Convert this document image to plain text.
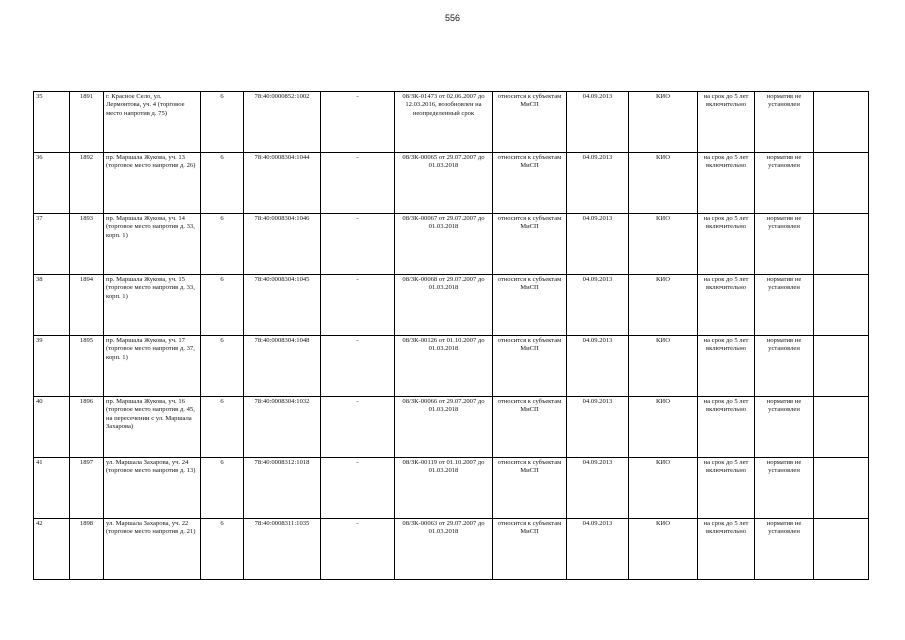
556
35	1891	г. Красное Село, ул. Лермонтова, уч. 4 (торговое место напротив д. 75)	6	78:40:0000852:1002	-	08/ЗК-01473 от 02.06.2007 до 12.03.2016, возобновлен на неопределенный срок	относится к субъектам МиСП	04.09.2013	КИО	на срок до 5 лет включительно	норматив не установлен	
36	1892	пр. Маршала Жукова, уч. 13 (торговое место напротив д. 26)	6	78:40:0008304:1044	-	08/ЗК-00065 от 29.07.2007 до 01.03.2018	относится к субъектам МиСП	04.09.2013	КИО	на срок до 5 лет включительно	норматив не установлен	
37	1893	пр. Маршала Жукова, уч. 14 (торговое место напротив д. 33, корп. 1)	6	78:40:0008304:1046	-	08/ЗК-00067 от 29.07.2007 до 01.03.2018	относится к субъектам МиСП	04.09.2013	КИО	на срок до 5 лет включительно	норматив не установлен	
38	1894	пр. Маршала Жукова, уч. 15 (торговое место напротив д. 33, корп. 1)	6	78:40:0008304:1045	-	08/ЗК-00068 от 29.07.2007 до 01.03.2018	относится к субъектам МиСП	04.09.2013	КИО	на срок до 5 лет включительно	норматив не установлен	
39	1895	пр. Маршала Жукова, уч. 17 (торговое место напротив д. 37, корп. 1)	6	78:40:0008304:1048	-	08/ЗК-00126 от 01.10.2007 до 01.03.2018	относится к субъектам МиСП	04.09.2013	КИО	на срок до 5 лет включительно	норматив не установлен	
40	1896	пр. Маршала Жукова, уч. 16 (торговое место напротив д. 45, на пересечении с ул. Маршала Захарова)	6	78:40:0008304:1032	-	08/ЗК-00066 от 29.07.2007 до 01.03.2018	относится к субъектам МиСП	04.09.2013	КИО	на срок до 5 лет включительно	норматив не установлен	
41	1897	ул. Маршала Захарова, уч. 24 (торговое место напротив д. 13)	6	78:40:0008312:1018	-	08/ЗК-00119 от 01.10.2007 до 01.03.2018	относится к субъектам МиСП	04.09.2013	КИО	на срок до 5 лет включительно	норматив не установлен	
42	1898	ул. Маршала Захарова, уч. 22 (торговое место напротив д. 21)	6	78:40:0008311:1035	-	08/ЗК-00063 от 29.07.2007 до 01.03.2018	относится к субъектам МиСП	04.09.2013	КИО	на срок до 5 лет включительно	норматив не установлен	
